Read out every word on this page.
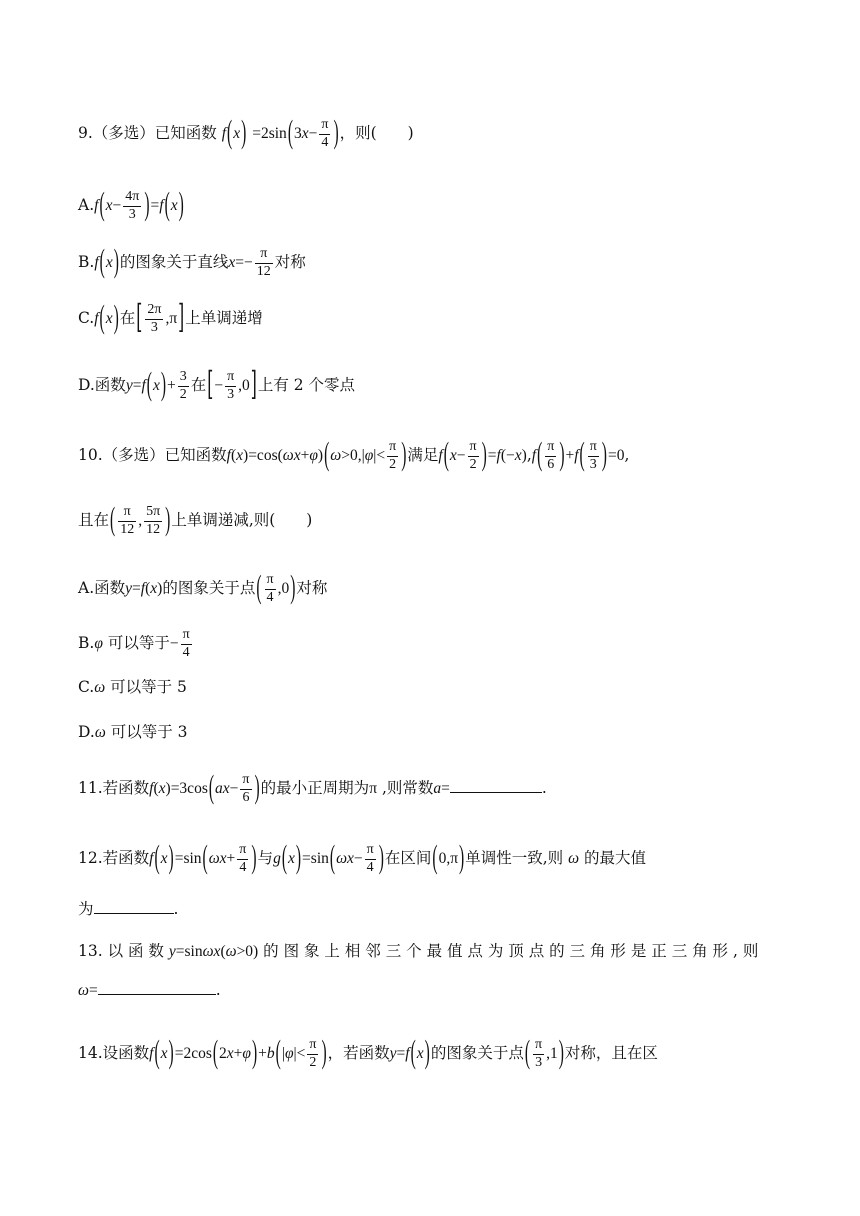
9.（多选）已知函数 $f(x) =2\sin(3x- \frac{\pi}{4}$ )，则(　　)
$A.f(x- \frac{4\pi}{3} )=f(x)$
B.f(x)的图象关于直线$x=- \frac{\pi}{12}$ 对称
C.f(x)在[ $\frac{2\pi}{3} ,\pi$]上单调递增
D.函数$y=f(x)+ \frac{3}{2}$ 在[− $\frac{\pi}{3} ,0$]上有 2 个零点
10.（多选）已知函数$f(x)=\cos(\omega x+\varphi)(\omega>0,|\varphi|< \frac{\pi}{2}$ )满足$f(x- \frac{\pi}{2} )=f(-x),f( \frac{\pi}{6} )+f( \frac{\pi}{3} )=0$,
且在( $\frac{\pi}{12}$ , $\frac{5\pi}{12}$ )上单调递减,则(　　)
A.函数y=f(x)的图象关于点( $\frac{\pi}{4} ,0$)对称
B.φ 可以等于− $\frac{\pi}{4}$
C.ω 可以等于 5
D.ω 可以等于 3
11.若函数$f(x)=3\cos(ax- \frac{\pi}{6}$ )的最小正周期为π ,则常数a=	.
12.若函数$f(x)=\sin(\omega x+ \frac{\pi}{4}$ )与$g(x)=\sin(\omega x- \frac{\pi}{4}$ )在区间(0,π)单调性一致,则 ω 的最大值
为	.
13. 以 函 数 y=sinωx(ω>0) 的 图 象 上 相 邻 三 个 最 值 点 为 顶 点 的 三 角 形 是 正 三 角 形 , 则
ω=	.
14.设函数$f(x)=2\cos(2x+\varphi)+b(|\varphi|< \frac{\pi}{2}$ )，若函数y=f(x)的图象关于点( $\frac{\pi}{3} ,1$)对称，且在区
